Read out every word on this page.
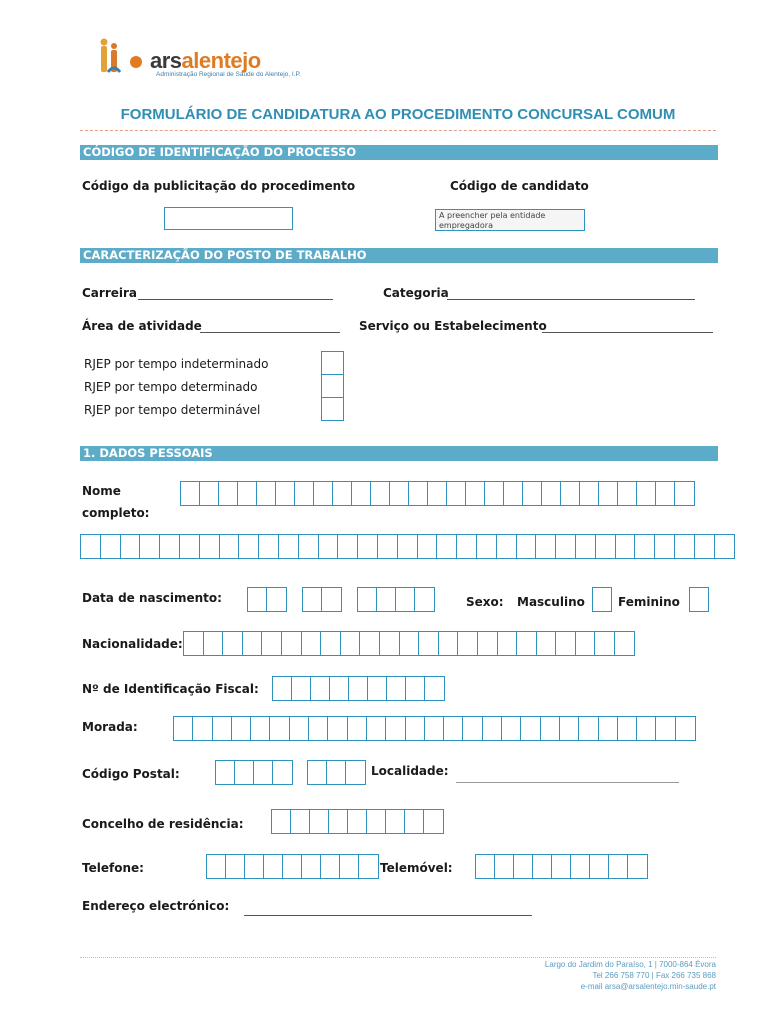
arsalentejo
Administração Regional de Saúde do Alentejo, I.P.
FORMULÁRIO DE CANDIDATURA AO PROCEDIMENTO CONCURSAL COMUM
CÓDIGO DE IDENTIFICAÇÃO DO PROCESSO
Código da publicitação do procedimento	Código de candidato
A preencher pela entidade empregadora
CARACTERIZAÇÃO DO POSTO DE TRABALHO
Carreira	Categoria
Área de atividade	Serviço ou Estabelecimento
RJEP por tempo indeterminado
RJEP por tempo determinado
RJEP por tempo determinável
1. DADOS PESSOAIS
Nome
completo:
Data de nascimento:	Sexo: Masculino	Feminino
Nacionalidade:
Nº de Identificação Fiscal:
Morada:
Código Postal:	Localidade:
Concelho de residência:
Telefone:	Telemóvel:
Endereço electrónico:
Largo do Jardim do Paraíso, 1 | 7000-864 Évora
Tel 266 758 770 | Fax 266 735 868
e-mail arsa@arsalentejo.min-saude.pt
